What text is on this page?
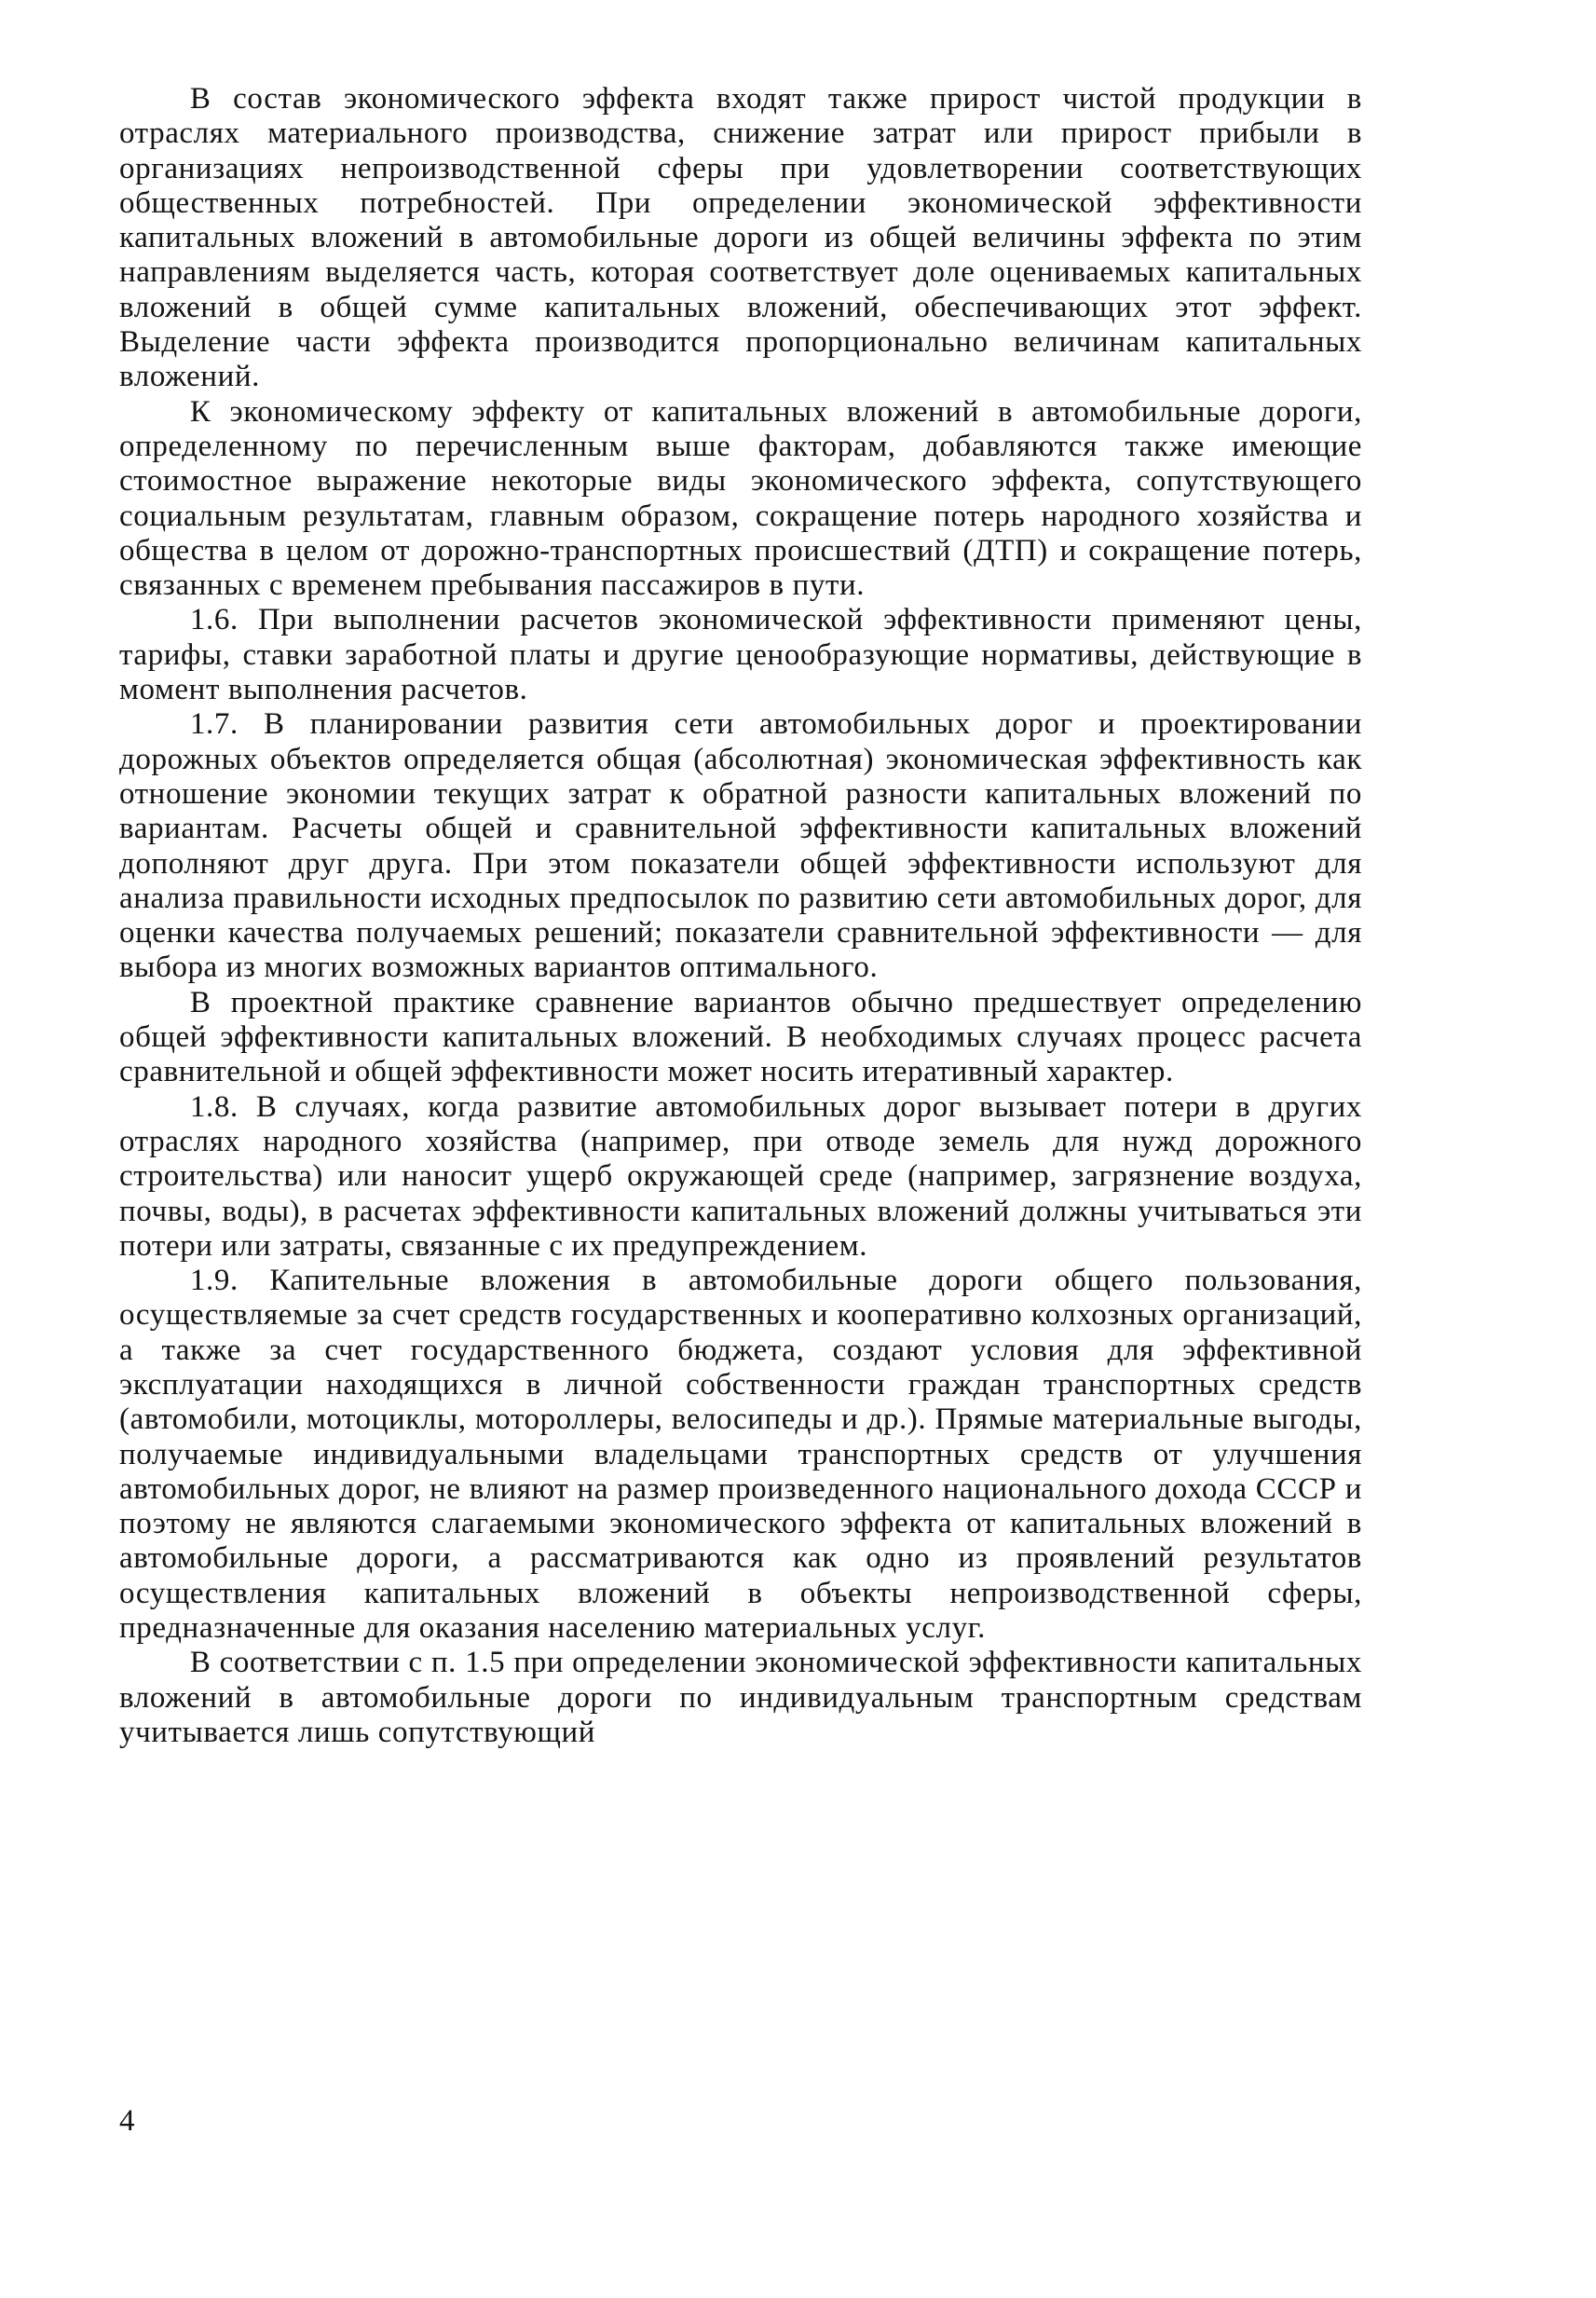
В состав экономического эффекта входят также прирост чистой продукции в отраслях материального производства, снижение затрат или прирост прибыли в организациях непроизводственной сферы при удовлетворении соответствующих общественных потребностей. При определении экономической эффективности капитальных вложений в автомобильные дороги из общей величины эффекта по этим направлениям выделяется часть, которая соответствует доле оцениваемых капитальных вложений в общей сумме капитальных вложений, обеспечивающих этот эффект. Выделение части эффекта производится пропорционально величинам капитальных вложений.

К экономическому эффекту от капитальных вложений в автомобильные дороги, определенному по перечисленным выше факторам, добавляются также имеющие стоимостное выражение некоторые виды экономического эффекта, сопутствующего социальным результатам, главным образом, сокращение потерь народного хозяйства и общества в целом от дорожно-транспортных происшествий (ДТП) и сокращение потерь, связанных с временем пребывания пассажиров в пути.

1.6. При выполнении расчетов экономической эффективности применяют цены, тарифы, ставки заработной платы и другие ценообразующие нормативы, действующие в момент выполнения расчетов.

1.7. В планировании развития сети автомобильных дорог и проектировании дорожных объектов определяется общая (абсолютная) экономическая эффективность как отношение экономии текущих затрат к обратной разности капитальных вложений по вариантам. Расчеты общей и сравнительной эффективности капитальных вложений дополняют друг друга. При этом показатели общей эффективности используют для анализа правильности исходных предпосылок по развитию сети автомобильных дорог, для оценки качества получаемых решений; показатели сравнительной эффективности — для выбора из многих возможных вариантов оптимального.

В проектной практике сравнение вариантов обычно предшествует определению общей эффективности капитальных вложений. В необходимых случаях процесс расчета сравнительной и общей эффективности может носить итеративный характер.

1.8. В случаях, когда развитие автомобильных дорог вызывает потери в других отраслях народного хозяйства (например, при отводе земель для нужд дорожного строительства) или наносит ущерб окружающей среде (например, загрязнение воздуха, почвы, воды), в расчетах эффективности капитальных вложений должны учитываться эти потери или затраты, связанные с их предупреждением.

1.9. Капительные вложения в автомобильные дороги общего пользования, осуществляемые за счет средств государственных и кооперативно колхозных организаций, а также за счет государственного бюджета, создают условия для эффективной эксплуатации находящихся в личной собственности граждан транспортных средств (автомобили, мотоциклы, мотороллеры, велосипеды и др.). Прямые материальные выгоды, получаемые индивидуальными владельцами транспортных средств от улучшения автомобильных дорог, не влияют на размер произведенного национального дохода СССР и поэтому не являются слагаемыми экономического эффекта от капитальных вложений в автомобильные дороги, а рассматриваются как одно из проявлений результатов осуществления капитальных вложений в объекты непроизводственной сферы, предназначенные для оказания населению материальных услуг.

В соответствии с п. 1.5 при определении экономической эффективности капитальных вложений в автомобильные дороги по индивидуальным транспортным средствам учитывается лишь сопутствующий

4
